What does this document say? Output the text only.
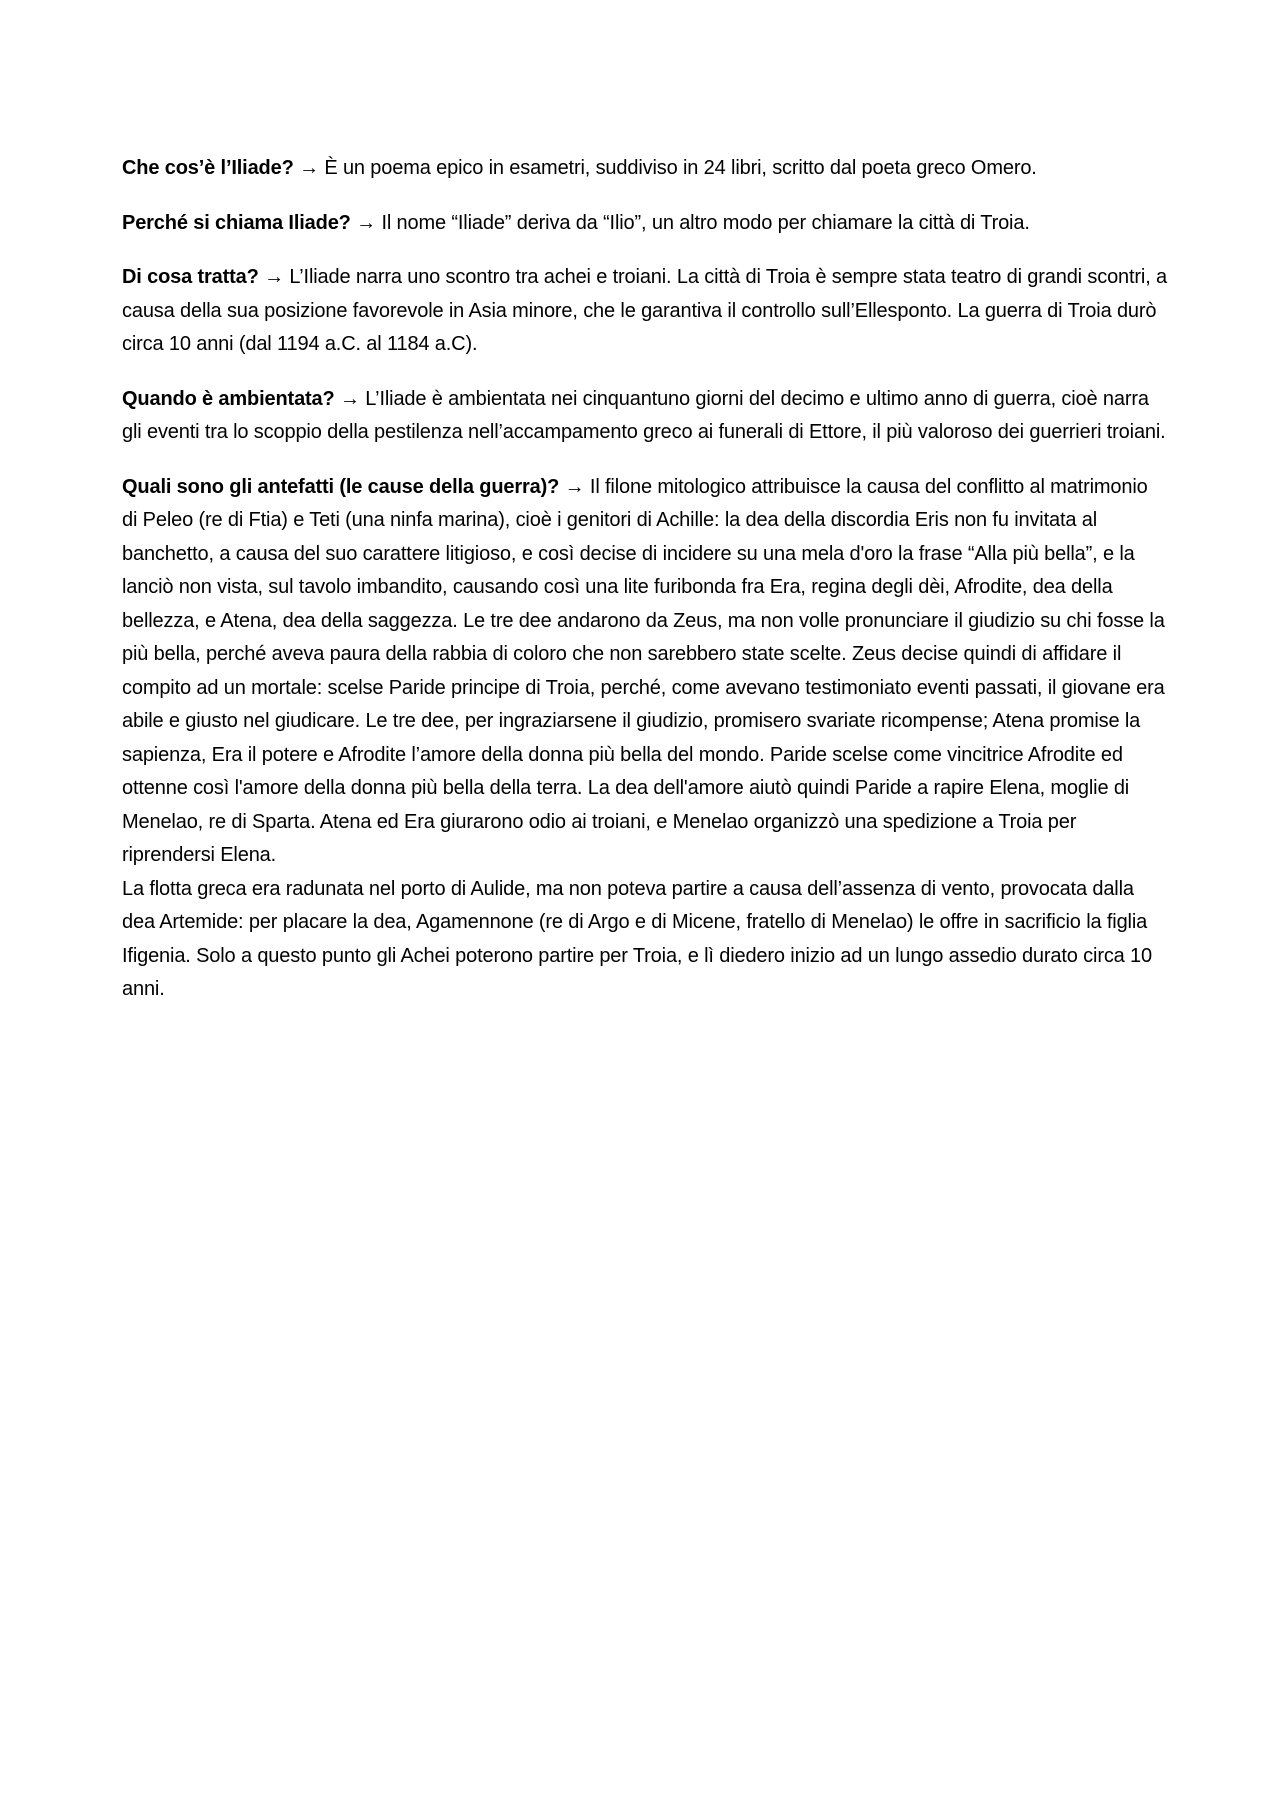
Che cos’è l’Iliade? → È un poema epico in esametri, suddiviso in 24 libri, scritto dal poeta greco Omero.

Perché si chiama Iliade? → Il nome “Iliade” deriva da “Ilio”, un altro modo per chiamare la città di Troia.

Di cosa tratta? → L’Iliade narra uno scontro tra achei e troiani. La città di Troia è sempre stata teatro di grandi scontri, a causa della sua posizione favorevole in Asia minore, che le garantiva il controllo sull’Ellesponto. La guerra di Troia durò circa 10 anni (dal 1194 a.C. al 1184 a.C).

Quando è ambientata? → L’Iliade è ambientata nei cinquantuno giorni del decimo e ultimo anno di guerra, cioè narra gli eventi tra lo scoppio della pestilenza nell’accampamento greco ai funerali di Ettore, il più valoroso dei guerrieri troiani.

Quali sono gli antefatti (le cause della guerra)? → Il filone mitologico attribuisce la causa del conflitto al matrimonio di Peleo (re di Ftia) e Teti (una ninfa marina), cioè i genitori di Achille: la dea della discordia Eris non fu invitata al banchetto, a causa del suo carattere litigioso, e così decise di incidere su una mela d'oro la frase “Alla più bella”, e la lanciò non vista, sul tavolo imbandito, causando così una lite furibonda fra Era, regina degli dèi, Afrodite, dea della bellezza, e Atena, dea della saggezza. Le tre dee andarono da Zeus, ma non volle pronunciare il giudizio su chi fosse la più bella, perché aveva paura della rabbia di coloro che non sarebbero state scelte. Zeus decise quindi di affidare il compito ad un mortale: scelse Paride principe di Troia, perché, come avevano testimoniato eventi passati, il giovane era abile e giusto nel giudicare. Le tre dee, per ingraziarsene il giudizio, promisero svariate ricompense; Atena promise la sapienza, Era il potere e Afrodite l’amore della donna più bella del mondo. Paride scelse come vincitrice Afrodite ed ottenne così l'amore della donna più bella della terra. La dea dell'amore aiutò quindi Paride a rapire Elena, moglie di Menelao, re di Sparta. Atena ed Era giurarono odio ai troiani, e Menelao organizzò una spedizione a Troia per riprendersi Elena.

La flotta greca era radunata nel porto di Aulide, ma non poteva partire a causa dell’assenza di vento, provocata dalla dea Artemide: per placare la dea, Agamennone (re di Argo e di Micene, fratello di Menelao) le offre in sacrificio la figlia Ifigenia. Solo a questo punto gli Achei poterono partire per Troia, e lì diedero inizio ad un lungo assedio durato circa 10 anni.
